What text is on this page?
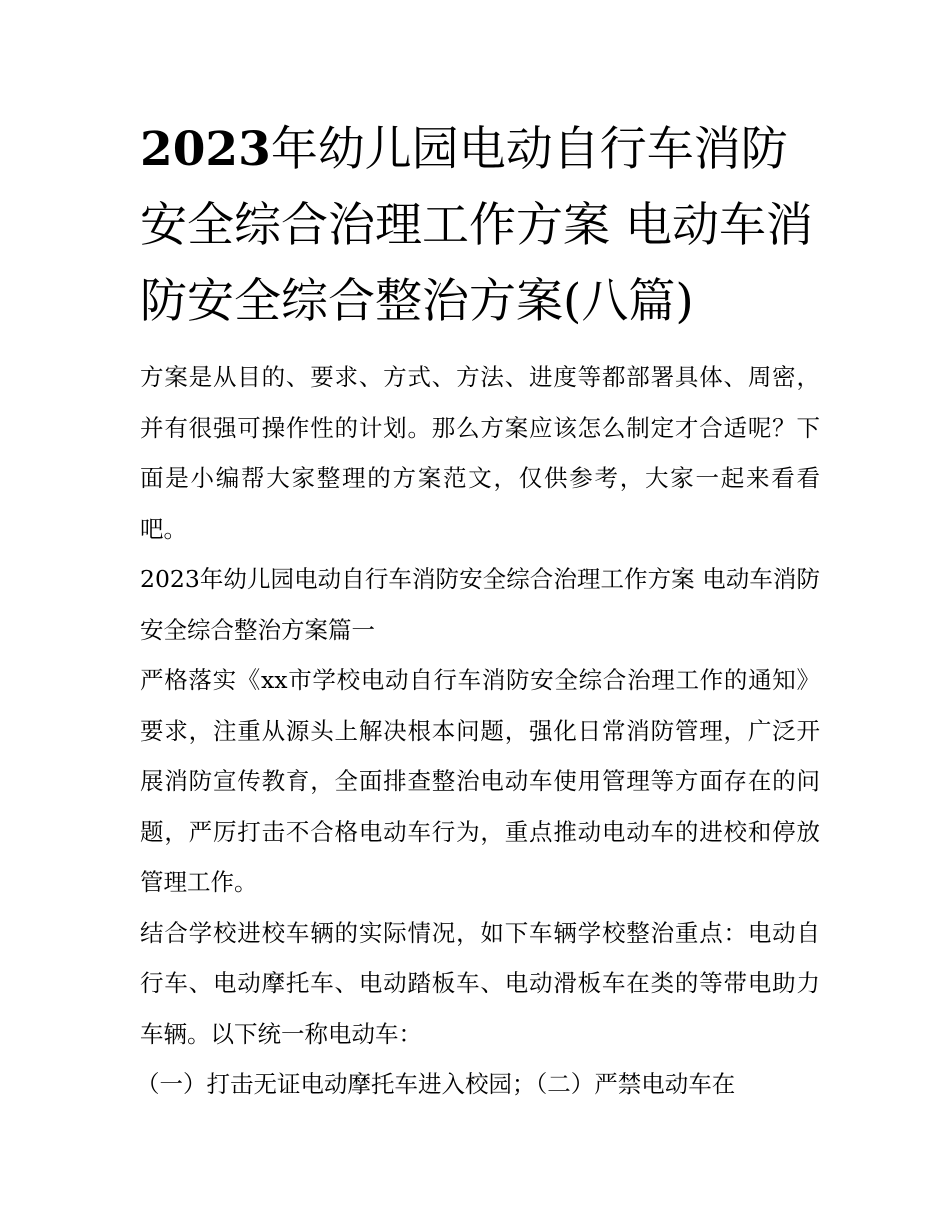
2023年幼儿园电动自行车消防安全综合治理工作方案 电动车消防安全综合整治方案(八篇)

方案是从目的、要求、方式、方法、进度等都部署具体、周密，并有很强可操作性的计划。那么方案应该怎么制定才合适呢？下面是小编帮大家整理的方案范文，仅供参考，大家一起来看看吧。

2023年幼儿园电动自行车消防安全综合治理工作方案 电动车消防安全综合整治方案篇一

严格落实《xx市学校电动自行车消防安全综合治理工作的通知》要求，注重从源头上解决根本问题，强化日常消防管理，广泛开展消防宣传教育，全面排查整治电动车使用管理等方面存在的问题，严厉打击不合格电动车行为，重点推动电动车的进校和停放管理工作。

结合学校进校车辆的实际情况，如下车辆学校整治重点：电动自行车、电动摩托车、电动踏板车、电动滑板车在类的等带电助力车辆。以下统一称电动车：

（一）打击无证电动摩托车进入校园；（二）严禁电动车在
